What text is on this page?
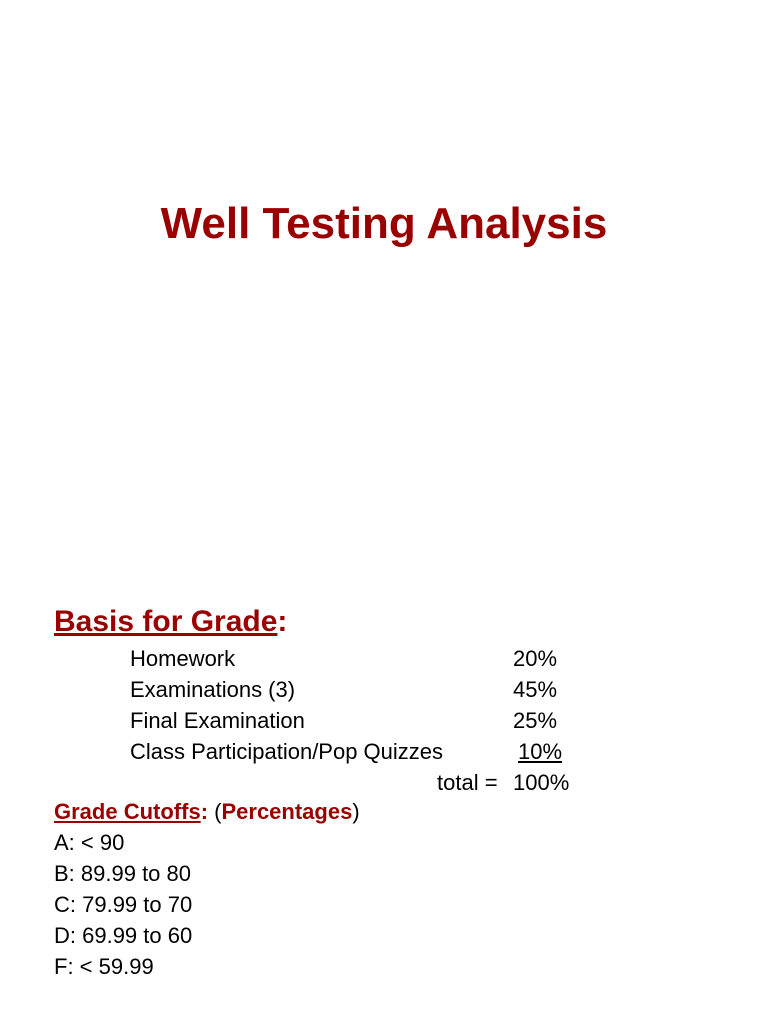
Well Testing Analysis
Basis for Grade:
Homework	20%
Examinations (3)	45%
Final Examination	25%
Class Participation/Pop Quizzes	10%
total = 100%
Grade Cutoffs: (Percentages)
A: < 90
B: 89.99 to 80
C: 79.99 to 70
D: 69.99 to 60
F: < 59.99
